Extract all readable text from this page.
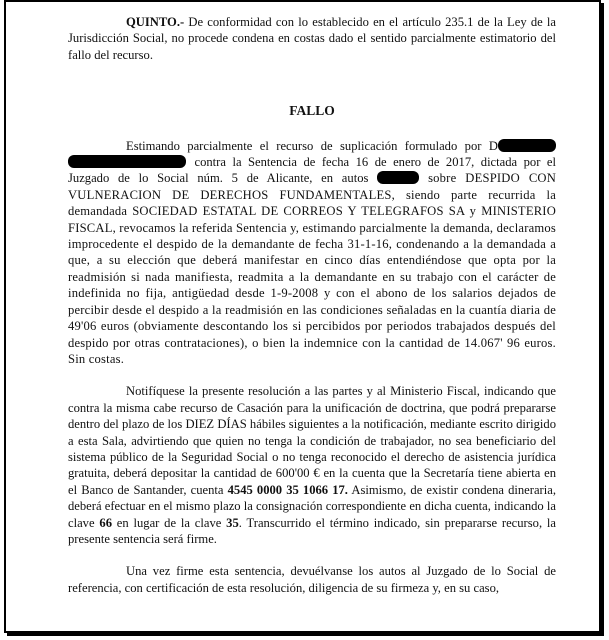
QUINTO.- De conformidad con lo establecido en el artículo 235.1 de la Ley de la Jurisdicción Social, no procede condena en costas dado el sentido parcialmente estimatorio del fallo del recurso.

FALLO

Estimando parcialmente el recurso de suplicación formulado por D contra la Sentencia de fecha 16 de enero de 2017, dictada por el Juzgado de lo Social núm. 5 de Alicante, en autos	sobre DESPIDO CON VULNERACION DE DERECHOS FUNDAMENTALES, siendo parte recurrida la demandada SOCIEDAD ESTATAL DE CORREOS Y TELEGRAFOS SA y MINISTERIO FISCAL, revocamos la referida Sentencia y, estimando parcialmente la demanda, declaramos improcedente el despido de la demandante de fecha 31-1-16, condenando a la demandada a que, a su elección que deberá manifestar en cinco días entendiéndose que opta por la readmisión si nada manifiesta, readmita a la demandante en su trabajo con el carácter de indefinida no fija, antigüedad desde 1-9-2008 y con el abono de los salarios dejados de percibir desde el despido a la readmisión en las condiciones señaladas en la cuantía diaria de 49'06 euros (obviamente descontando los si percibidos por periodos trabajados después del despido por otras contrataciones), o bien la indemnice con la cantidad de 14.067' 96 euros. Sin costas.

Notifíquese la presente resolución a las partes y al Ministerio Fiscal, indicando que contra la misma cabe recurso de Casación para la unificación de doctrina, que podrá prepararse dentro del plazo de los DIEZ DÍAS hábiles siguientes a la notificación, mediante escrito dirigido a esta Sala, advirtiendo que quien no tenga la condición de trabajador, no sea beneficiario del sistema público de la Seguridad Social o no tenga reconocido el derecho de asistencia jurídica gratuita, deberá depositar la cantidad de 600'00 € en la cuenta que la Secretaría tiene abierta en el Banco de Santander, cuenta 4545 0000 35 1066 17. Asimismo, de existir condena dineraria, deberá efectuar en el mismo plazo la consignación correspondiente en dicha cuenta, indicando la clave 66 en lugar de la clave 35. Transcurrido el término indicado, sin prepararse recurso, la presente sentencia será firme.

Una vez firme esta sentencia, devuélvanse los autos al Juzgado de lo Social de referencia, con certificación de esta resolución, diligencia de su firmeza y, en su caso,
